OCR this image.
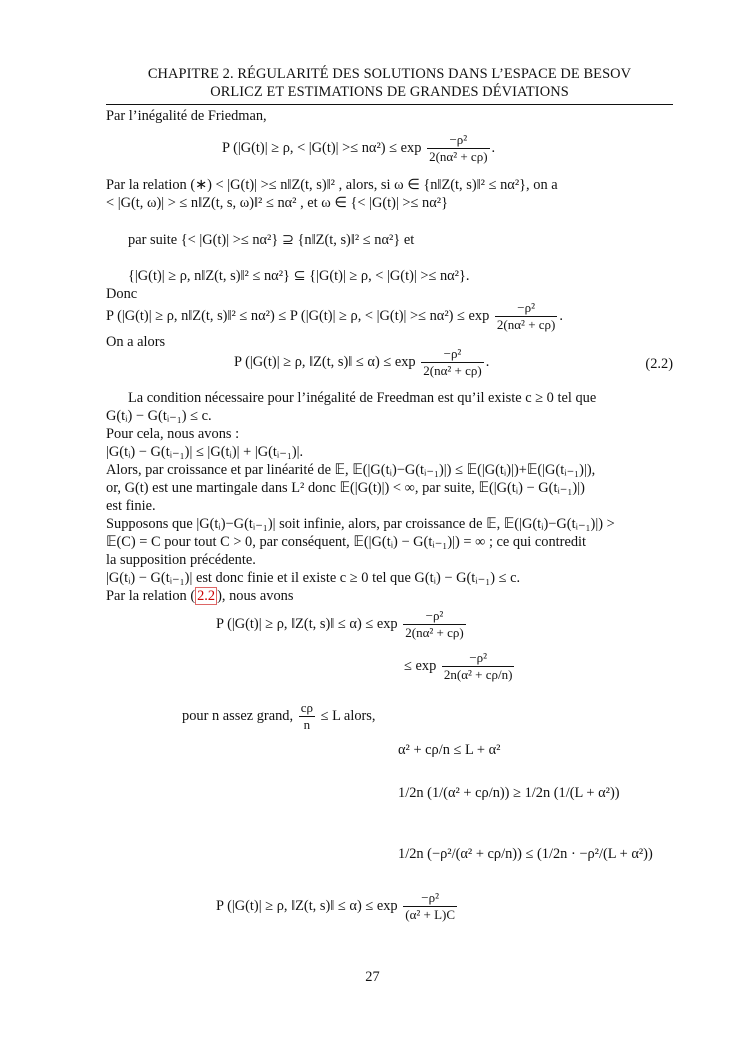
CHAPITRE 2. RÉGULARITÉ DES SOLUTIONS DANS L’ESPACE DE BESOV
ORLICZ ET ESTIMATIONS DE GRANDES DÉVIATIONS
Par l’inégalité de Friedman,
P (|G(t)| ≥ ρ, < $|G(t)| >\le n\alpha^2) \le \exp \frac{\text{−ρ²}}{\text{2(nα² + cρ)}}$ .
Par la relation (∗) < |G(t)| >≤ n‖Z(t, s)‖² , alors, si ω ∈ {n‖Z(t, s)‖² ≤ nα²}, on a
< |G(t, ω)| > ≤ n‖Z(t, s, ω)‖² ≤ nα² , et ω ∈ {< |G(t)| >≤ nα²}
par suite {< |G(t)| >≤ nα²} ⊇ {n‖Z(t, s)‖² ≤ nα²} et
{|G(t)| ≥ ρ, n‖Z(t, s)‖² ≤ nα²} ⊆ {|G(t)| ≥ ρ, < |G(t)| >≤ nα²}.
Donc
P (|G(t)| ≥ ρ, n‖Z(t, s)‖² ≤ nα²) ≤ P (|G(t)| ≥ ρ, < $|G(t)| >\le n\alpha^2) \le \exp \frac{\text{−ρ²}}{\text{2(nα² + cρ)}}$ .
On a alors
P (|G(t)| ≥ ρ, ‖Z(t, s)‖ ≤ $\alpha) \le \exp \frac{\text{−ρ²}}{\text{2(nα² + cρ)}}$ .	(2.2)
La condition nécessaire pour l’inégalité de Freedman est qu’il existe c ≥ 0 tel que
G(tᵢ) − G(tᵢ₋₁) ≤ c.
Pour cela, nous avons :
|G(tᵢ) − G(tᵢ₋₁)| ≤ |G(tᵢ)| + |G(tᵢ₋₁)|.
Alors, par croissance et par linéarité de 𝔼, 𝔼(|G(tᵢ)−G(tᵢ₋₁)|) ≤ 𝔼(|G(tᵢ)|)+𝔼(|G(tᵢ₋₁)|),
or, G(t) est une martingale dans L² donc 𝔼(|G(t)|) < ∞, par suite, 𝔼(|G(tᵢ) − G(tᵢ₋₁)|)
est finie.
Supposons que |G(tᵢ)−G(tᵢ₋₁)| soit infinie, alors, par croissance de 𝔼, 𝔼(|G(tᵢ)−G(tᵢ₋₁)|) >
𝔼(C) = C pour tout C > 0, par conséquent, 𝔼(|G(tᵢ) − G(tᵢ₋₁)|) = ∞ ; ce qui contredit
la supposition précédente.
|G(tᵢ) − G(tᵢ₋₁)| est donc finie et il existe c ≥ 0 tel que G(tᵢ) − G(tᵢ₋₁) ≤ c.
Par la relation ( 2.2 ), nous avons
P (|G(t)| ≥ ρ, ‖Z(t, s)‖ ≤ $\alpha) \le \exp \frac{\text{−ρ²}}{\text{2(nα² + cρ)}}$
≤ $\exp \frac{\text{−ρ²}}{\text{2n(α² + cρ/n)}}$
pour n assez grand, $\frac{c\rho}{n} \le L$ alors,
α² + cρ/n ≤ L + α²
1/2n (1/(α² + cρ/n)) ≥ 1/2n (1/(L + α²))
1/2n (−ρ²/(α² + cρ/n)) ≤ (1/2n · −ρ²/(L + α²))
P (|G(t)| ≥ ρ, ‖Z(t, s)‖ ≤ $\alpha) \le \exp \frac{\text{−ρ²}}{\text{(α² + L)C}}$
27
